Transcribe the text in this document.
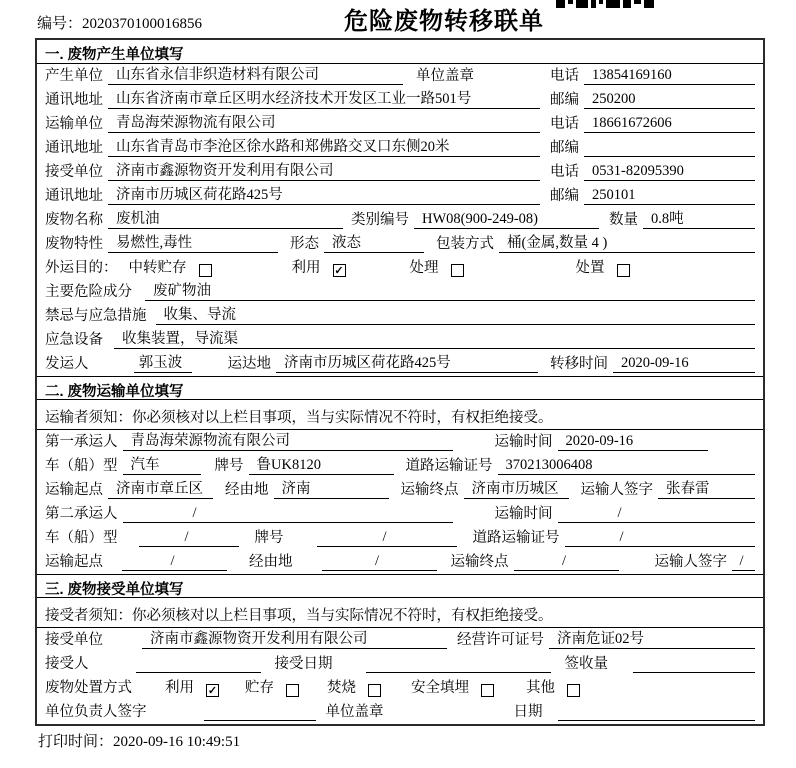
编号：2020370100016856	危险废物转移联单
一. 废物产生单位填写
产生单位 山东省永信非织造材料有限公司	单位盖章	电话 13854169160
通讯地址 山东省济南市章丘区明水经济技术开发区工业一路501号	邮编 250200
运输单位 青岛海荣源物流有限公司	电话 18661672606
通讯地址 山东省青岛市李沧区徐水路和郑佛路交叉口东侧20米	邮编
接受单位 济南市鑫源物资开发利用有限公司	电话 0531-82095390
通讯地址 济南市历城区荷花路425号	邮编 250101
废物名称 废机油	类别编号 HW08(900-249-08)	数量 0.8吨
废物特性 易燃性,毒性	形态 液态	包装方式 桶(金属,数量 4 )
外运目的： 中转贮存	利用 ✓	处理	处置
主要危险成分	废矿物油
禁忌与应急措施	收集、导流
应急设备	收集装置，导流渠
发运人	郭玉波	运达地 济南市历城区荷花路425号	转移时间 2020-09-16
二. 废物运输单位填写
运输者须知：你必须核对以上栏目事项，当与实际情况不符时，有权拒绝接受。
第一承运人 青岛海荣源物流有限公司	运输时间 2020-09-16
车（船）型 汽车	牌号 鲁UK8120	道路运输证号 370213006408
运输起点 济南市章丘区	经由地 济南	运输终点 济南市历城区	运输人签字 张春雷
第二承运人	/	运输时间	/
车（船）型	/	牌号	/	道路运输证号	/
运输起点	/	经由地	/	运输终点	/	运输人签字 /
三. 废物接受单位填写
接受者须知：你必须核对以上栏目事项，当与实际情况不符时，有权拒绝接受。
接受单位	济南市鑫源物资开发利用有限公司	经营许可证号 济南危证02号
接受人	接受日期	签收量
废物处置方式 利用 ✓ 贮存	焚烧	安全填埋	其他
单位负责人签字	单位盖章	日期
打印时间：2020-09-16 10:49:51
